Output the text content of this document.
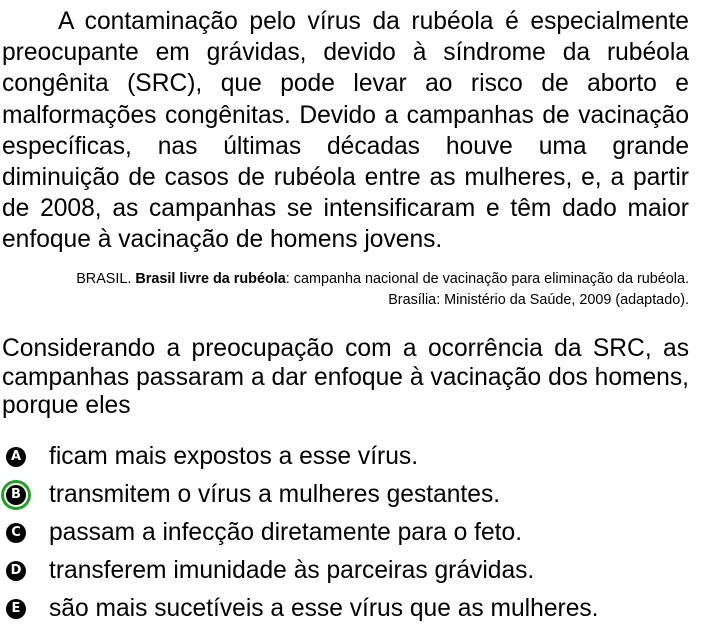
A contaminação pelo vírus da rubéola é especialmente preocupante em grávidas, devido à síndrome da rubéola congênita (SRC), que pode levar ao risco de aborto e malformações congênitas. Devido a campanhas de vacinação específicas, nas últimas décadas houve uma grande diminuição de casos de rubéola entre as mulheres, e, a partir de 2008, as campanhas se intensificaram e têm dado maior enfoque à vacinação de homens jovens.

BRASIL. Brasil livre da rubéola: campanha nacional de vacinação para eliminação da rubéola. Brasília: Ministério da Saúde, 2009 (adaptado).

Considerando a preocupação com a ocorrência da SRC, as campanhas passaram a dar enfoque à vacinação dos homens, porque eles

A ficam mais expostos a esse vírus.
B transmitem o vírus a mulheres gestantes.
C passam a infecção diretamente para o feto.
D transferem imunidade às parceiras grávidas.
E são mais sucetíveis a esse vírus que as mulheres.
